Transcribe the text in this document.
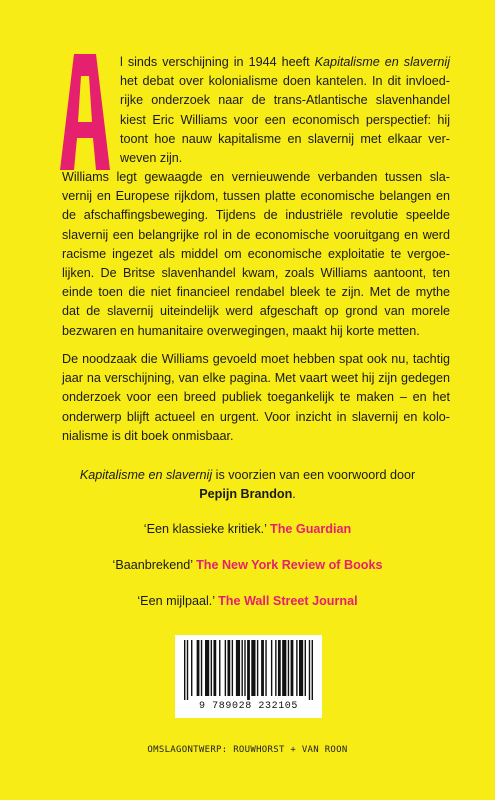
l sinds verschijning in 1944 heeft Kapitalisme en slavernij
het debat over kolonialisme doen kantelen. In dit invloed-
rijke onderzoek naar de trans-Atlantische slavenhandel
kiest Eric Williams voor een economisch perspectief: hij
toont hoe nauw kapitalisme en slavernij met elkaar ver-
weven zijn.

Williams legt gewaagde en vernieuwende verbanden tussen sla-
vernij en Europese rijkdom, tussen platte economische belangen en
de afschaffingsbeweging. Tijdens de industriële revolutie speelde
slavernij een belangrijke rol in de economische vooruitgang en werd
racisme ingezet als middel om economische exploitatie te vergoe-
lijken. De Britse slavenhandel kwam, zoals Williams aantoont, ten
einde toen die niet financieel rendabel bleek te zijn. Met de mythe
dat de slavernij uiteindelijk werd afgeschaft op grond van morele
bezwaren en humanitaire overwegingen, maakt hij korte metten.

De noodzaak die Williams gevoeld moet hebben spat ook nu, tachtig
jaar na verschijning, van elke pagina. Met vaart weet hij zijn gedegen
onderzoek voor een breed publiek toegankelijk te maken – en het
onderwerp blijft actueel en urgent. Voor inzicht in slavernij en kolo-
nialisme is dit boek onmisbaar.

Kapitalisme en slavernij is voorzien van een voorwoord door
Pepijn Brandon.
‘Een klassieke kritiek.’ The Guardian
‘Baanbrekend’ The New York Review of Books
‘Een mijlpaal.’ The Wall Street Journal
9 789028 232105
OMSLAGONTWERP: ROUWHORST + VAN ROON
